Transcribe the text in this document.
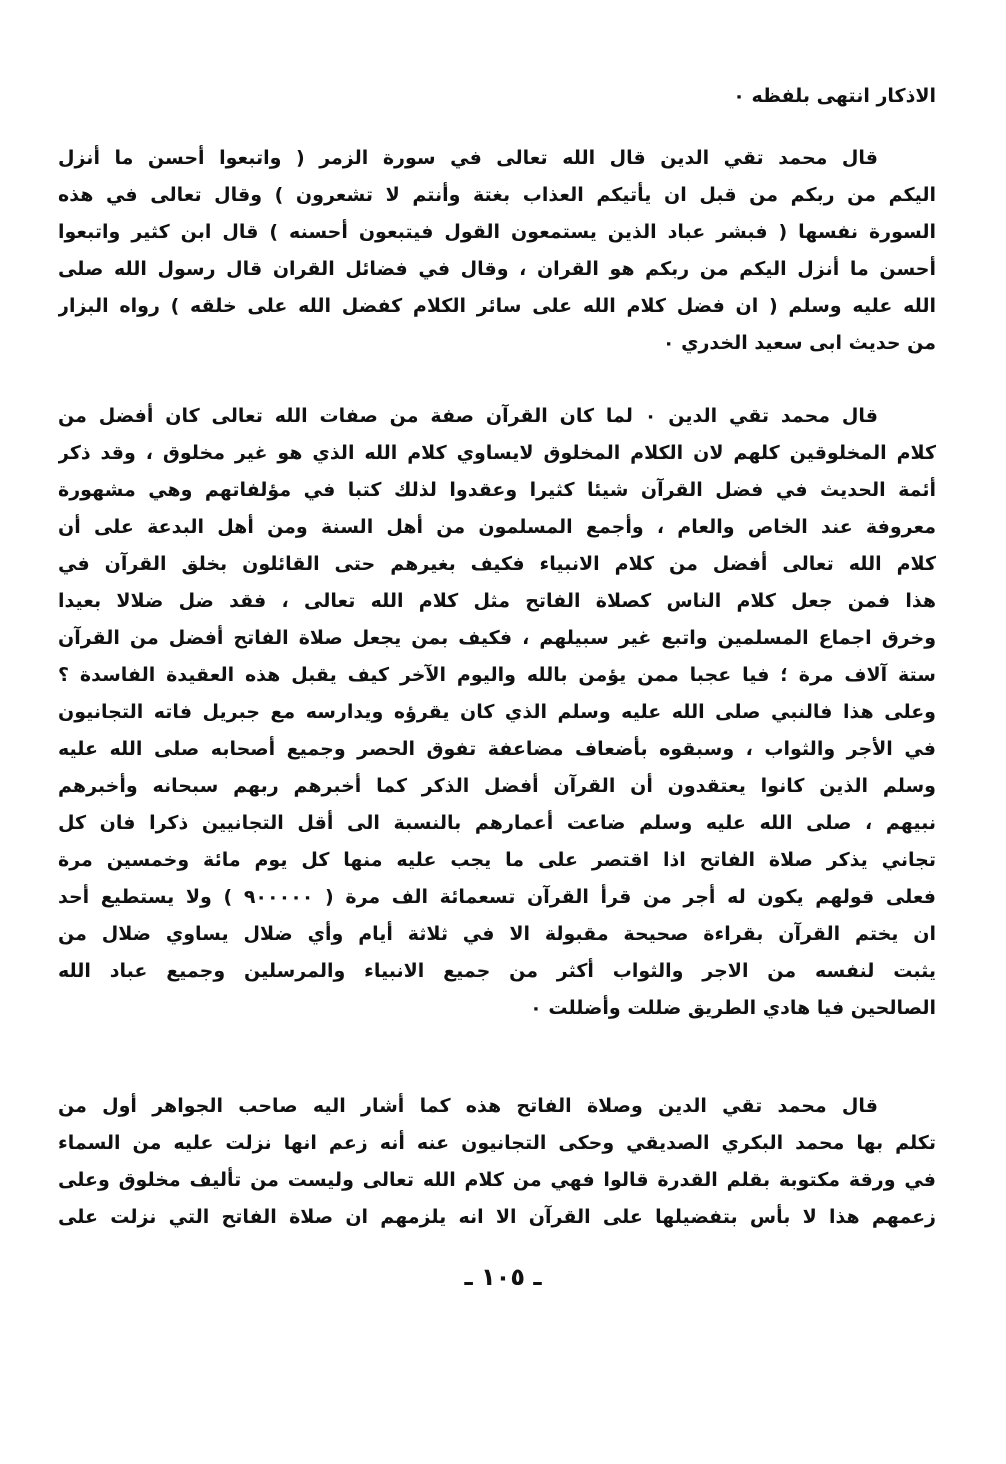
الاذكار انتهى بلفظه ٠
قال محمد تقي الدين قال الله تعالى في سورة الزمر ( واتبعوا أحسن ما أنزل
اليكم من ربكم من قبل ان يأتيكم العذاب بغتة وأنتم لا تشعرون ) وقال تعالى في هذه
السورة نفسها ( فبشر عباد الذين يستمعون القول فيتبعون أحسنه ) قال ابن كثير واتبعوا
أحسن ما أنزل اليكم من ربكم هو القران ، وقال في فضائل القران قال رسول الله صلى
الله عليه وسلم ( ان فضل كلام الله على سائر الكلام كفضل الله على خلقه ) رواه البزار
من حديث ابى سعيد الخدري ٠
قال محمد تقي الدين ٠ لما كان القرآن صفة من صفات الله تعالى كان أفضل من
كلام المخلوقين كلهم لان الكلام المخلوق لايساوي كلام الله الذي هو غير مخلوق ، وقد ذكر
أئمة الحديث في فضل القرآن شيئا كثيرا وعقدوا لذلك كتبا في مؤلفاتهم وهي مشهورة
معروفة عند الخاص والعام ، وأجمع المسلمون من أهل السنة ومن أهل البدعة على أن
كلام الله تعالى أفضل من كلام الانبياء فكيف بغيرهم حتى القائلون بخلق القرآن في
هذا فمن جعل كلام الناس كصلاة الفاتح مثل كلام الله تعالى ، فقد ضل ضلالا بعيدا
وخرق اجماع المسلمين واتبع غير سبيلهم ، فكيف بمن يجعل صلاة الفاتح أفضل من القرآن
ستة آلاف مرة ؛ فيا عجبا ممن يؤمن بالله واليوم الآخر كيف يقبل هذه العقيدة الفاسدة ؟
وعلى هذا فالنبي صلى الله عليه وسلم الذي كان يقرؤه ويدارسه مع جبريل فاته التجانيون
في الأجر والثواب ، وسبقوه بأضعاف مضاعفة تفوق الحصر وجميع أصحابه صلى الله عليه
وسلم الذين كانوا يعتقدون أن القرآن أفضل الذكر كما أخبرهم ربهم سبحانه وأخبرهم
نبيهم ، صلى الله عليه وسلم ضاعت أعمارهم بالنسبة الى أقل التجانيين ذكرا فان كل
تجاني يذكر صلاة الفاتح اذا اقتصر على ما يجب عليه منها كل يوم مائة وخمسين مرة
فعلى قولهم يكون له أجر من قرأ القرآن تسعمائة الف مرة ( ٩٠٠٠٠٠ ) ولا يستطيع أحد
ان يختم القرآن بقراءة صحيحة مقبولة الا في ثلاثة أيام وأي ضلال يساوي ضلال من
يثبت لنفسه من الاجر والثواب أكثر من جميع الانبياء والمرسلين وجميع عباد الله
الصالحين فيا هادي الطريق ضللت وأضللت ٠
قال محمد تقي الدين وصلاة الفاتح هذه كما أشار اليه صاحب الجواهر أول من
تكلم بها محمد البكري الصديقي وحكى التجانيون عنه أنه زعم انها نزلت عليه من السماء
في ورقة مكتوبة بقلم القدرة قالوا فهي من كلام الله تعالى وليست من تأليف مخلوق وعلى
زعمهم هذا لا بأس بتفضيلها على القرآن الا انه يلزمهم ان صلاة الفاتح التي نزلت على
ـ ١٠٥ ـ
